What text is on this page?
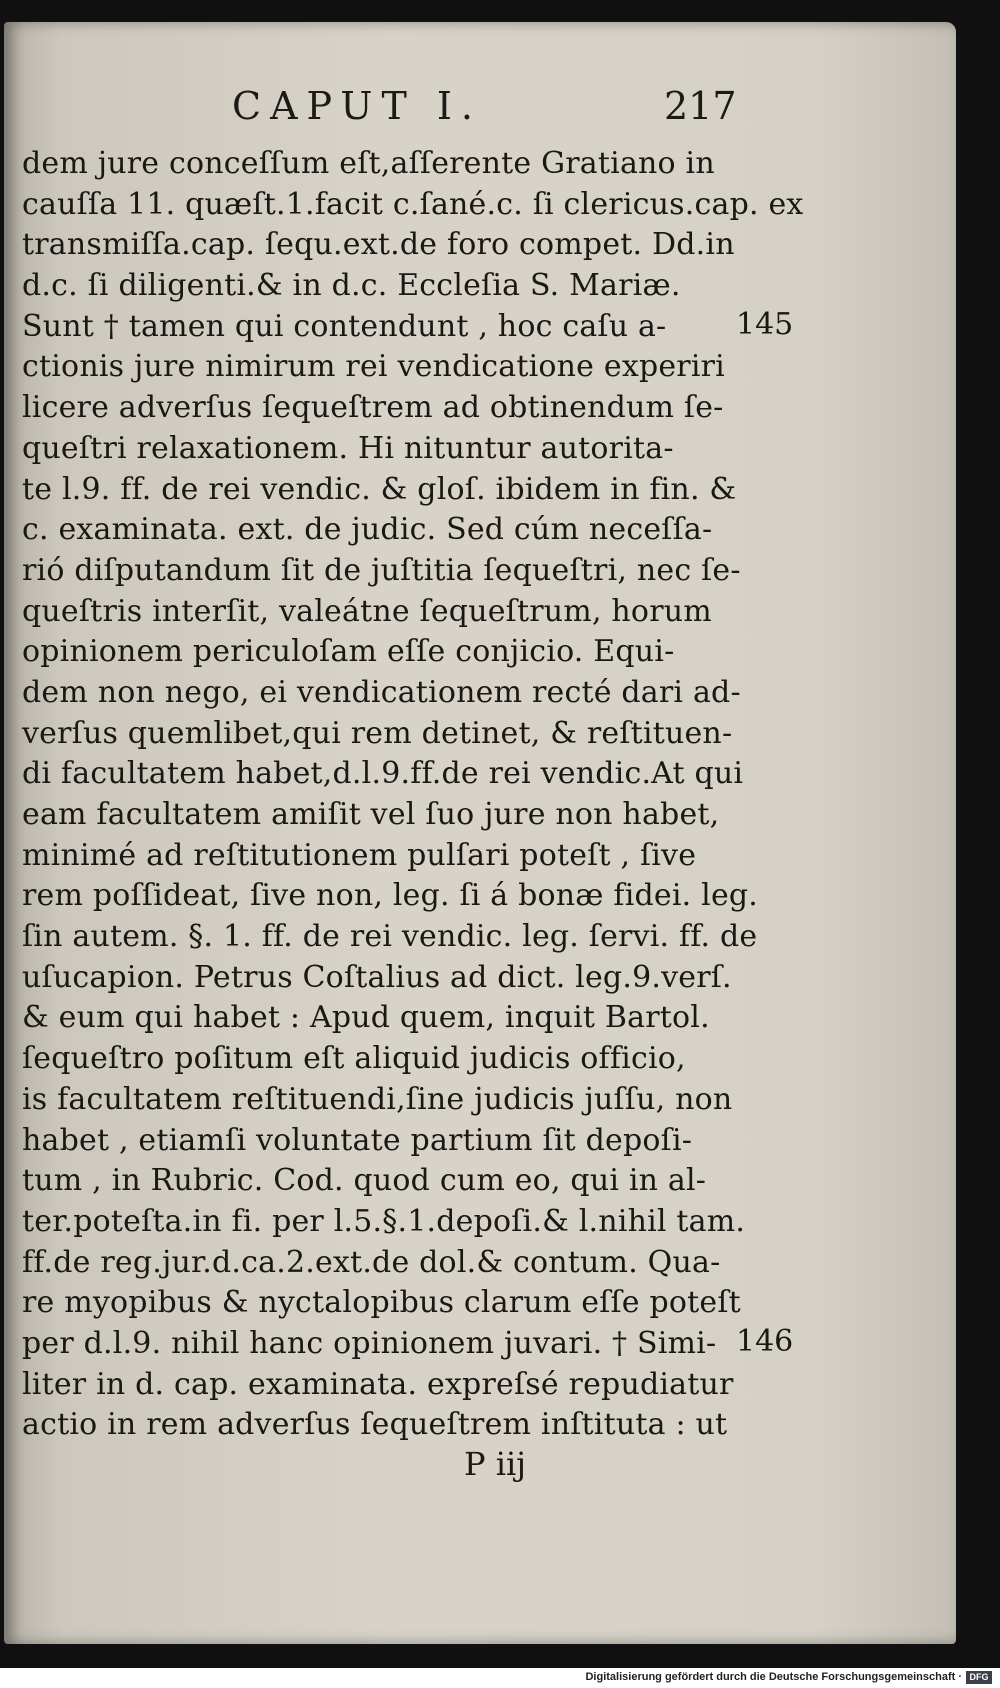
CAPUT I.	217
dem jure conceſſum eſt,aſſerente Gratiano in
cauſſa 11. quæſt.1.facit c.ſané.c. ſi clericus.cap. ex
transmiſſa.cap. ſequ.ext.de foro compet. Dd.in
d.c. ſi diligenti.& in d.c. Eccleſia S. Mariæ.
Sunt † tamen qui contendunt , hoc caſu a-
ctionis jure nimirum rei vendicatione experiri
licere adverſus ſequeſtrem ad obtinendum ſe-
queſtri relaxationem. Hi nituntur autorita-
te l.9. ff. de rei vendic. & gloſ. ibidem in fin. &
c. examinata. ext. de judic. Sed cúm neceſſa-
rió diſputandum ſit de juſtitia ſequeſtri, nec ſe-
queſtris interſit, valeátne ſequeſtrum, horum
opinionem periculoſam eſſe conjicio. Equi-
dem non nego, ei vendicationem recté dari ad-
verſus quemlibet,qui rem detinet, & reſtituen-
di facultatem habet,d.l.9.ff.de rei vendic.At qui
eam facultatem amiſit vel ſuo jure non habet,
minimé ad reſtitutionem pulſari poteſt , ſive
rem poſſideat, ſive non, leg. ſi á bonæ fidei. leg.
ſin autem. §. 1. ff. de rei vendic. leg. ſervi. ff. de
uſucapion. Petrus Coſtalius ad dict. leg.9.verſ.
& eum qui habet : Apud quem, inquit Bartol.
ſequeſtro poſitum eſt aliquid judicis officio,
is facultatem reſtituendi,ſine judicis juſſu, non
habet , etiamſi voluntate partium ſit depoſi-
tum , in Rubric. Cod. quod cum eo, qui in al-
ter.poteſta.in fi. per l.5.§.1.depoſi.& l.nihil tam.
ff.de reg.jur.d.ca.2.ext.de dol.& contum. Qua-
re myopibus & nyctalopibus clarum eſſe poteſt
per d.l.9. nihil hanc opinionem juvari. † Simi-
liter in d. cap. examinata. expreſsé repudiatur
actio in rem adverſus ſequeſtrem inſtituta : ut
145
146
P iij
Digitalisierung gefördert durch die Deutsche Forschungsgemeinschaft · DFG
